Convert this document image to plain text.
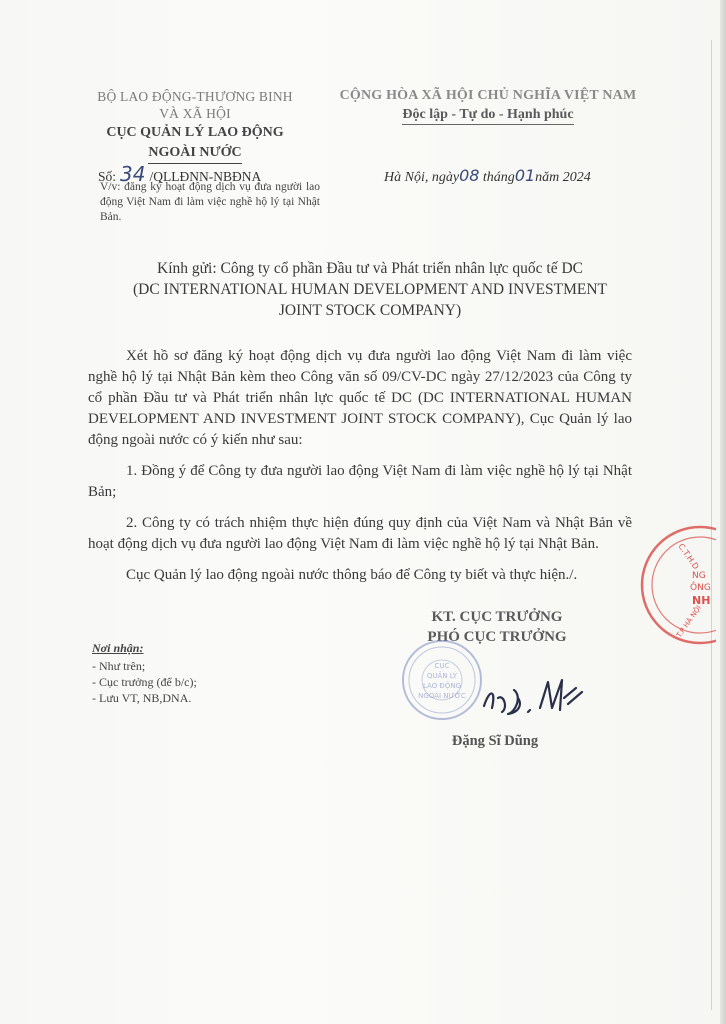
BỘ LAO ĐỘNG-THƯƠNG BINH
VÀ XÃ HỘI
CỤC QUẢN LÝ LAO ĐỘNG
NGOÀI NƯỚC
CỘNG HÒA XÃ HỘI CHỦ NGHĨA VIỆT NAM
Độc lập - Tự do - Hạnh phúc
Số: 34 /QLLĐNN-NBĐNA
V/v: đăng ký hoạt động dịch vụ đưa người lao động Việt Nam đi làm việc nghề hộ lý tại Nhật Bản.
Hà Nội, ngày08 tháng01năm 2024
Kính gửi: Công ty cổ phần Đầu tư và Phát triển nhân lực quốc tế DC
(DC INTERNATIONAL HUMAN DEVELOPMENT AND INVESTMENT
JOINT STOCK COMPANY)

Xét hồ sơ đăng ký hoạt động dịch vụ đưa người lao động Việt Nam đi làm việc nghề hộ lý tại Nhật Bản kèm theo Công văn số 09/CV-DC ngày 27/12/2023 của Công ty cổ phần Đầu tư và Phát triển nhân lực quốc tế DC (DC INTERNATIONAL HUMAN DEVELOPMENT AND INVESTMENT JOINT STOCK COMPANY), Cục Quản lý lao động ngoài nước có ý kiến như sau:

1. Đồng ý để Công ty đưa người lao động Việt Nam đi làm việc nghề hộ lý tại Nhật Bản;

2. Công ty có trách nhiệm thực hiện đúng quy định của Việt Nam và Nhật Bản về hoạt động dịch vụ đưa người lao động Việt Nam đi làm việc nghề hộ lý tại Nhật Bản.

Cục Quản lý lao động ngoài nước thông báo để Công ty biết và thực hiện./.

Nơi nhận:
- Như trên;
- Cục trưởng (để b/c);
- Lưu VT, NB,DNA.
KT. CỤC TRƯỞNG
PHÓ CỤC TRƯỞNG
CỤC
QUẢN LÝ
LAO ĐỘNG
NGOÀI NƯỚC
Đặng Sĩ Dũng
C.T.H.D
NG
ÔNG
NH
T.P HÀ NỘI
